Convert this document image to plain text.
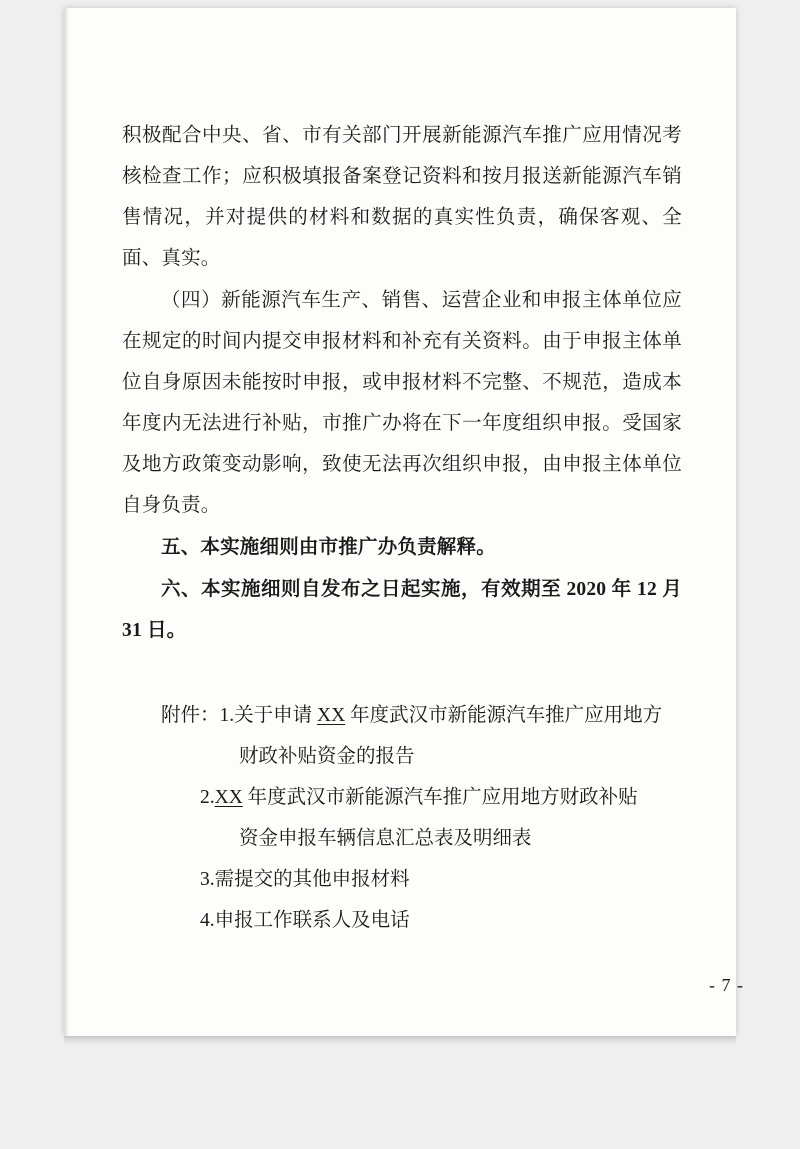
积极配合中央、省、市有关部门开展新能源汽车推广应用情况考核检查工作；应积极填报备案登记资料和按月报送新能源汽车销售情况，并对提供的材料和数据的真实性负责，确保客观、全面、真实。

（四）新能源汽车生产、销售、运营企业和申报主体单位应在规定的时间内提交申报材料和补充有关资料。由于申报主体单位自身原因未能按时申报，或申报材料不完整、不规范，造成本年度内无法进行补贴，市推广办将在下一年度组织申报。受国家及地方政策变动影响，致使无法再次组织申报，由申报主体单位自身负责。

五、本实施细则由市推广办负责解释。

六、本实施细则自发布之日起实施，有效期至 2020 年 12 月 31 日。

附件： 1.关于申请 XX 年度武汉市新能源汽车推广应用地方
财政补贴资金的报告
2.XX 年度武汉市新能源汽车推广应用地方财政补贴
资金申报车辆信息汇总表及明细表
3.需提交的其他申报材料
4.申报工作联系人及电话
- 7 -
